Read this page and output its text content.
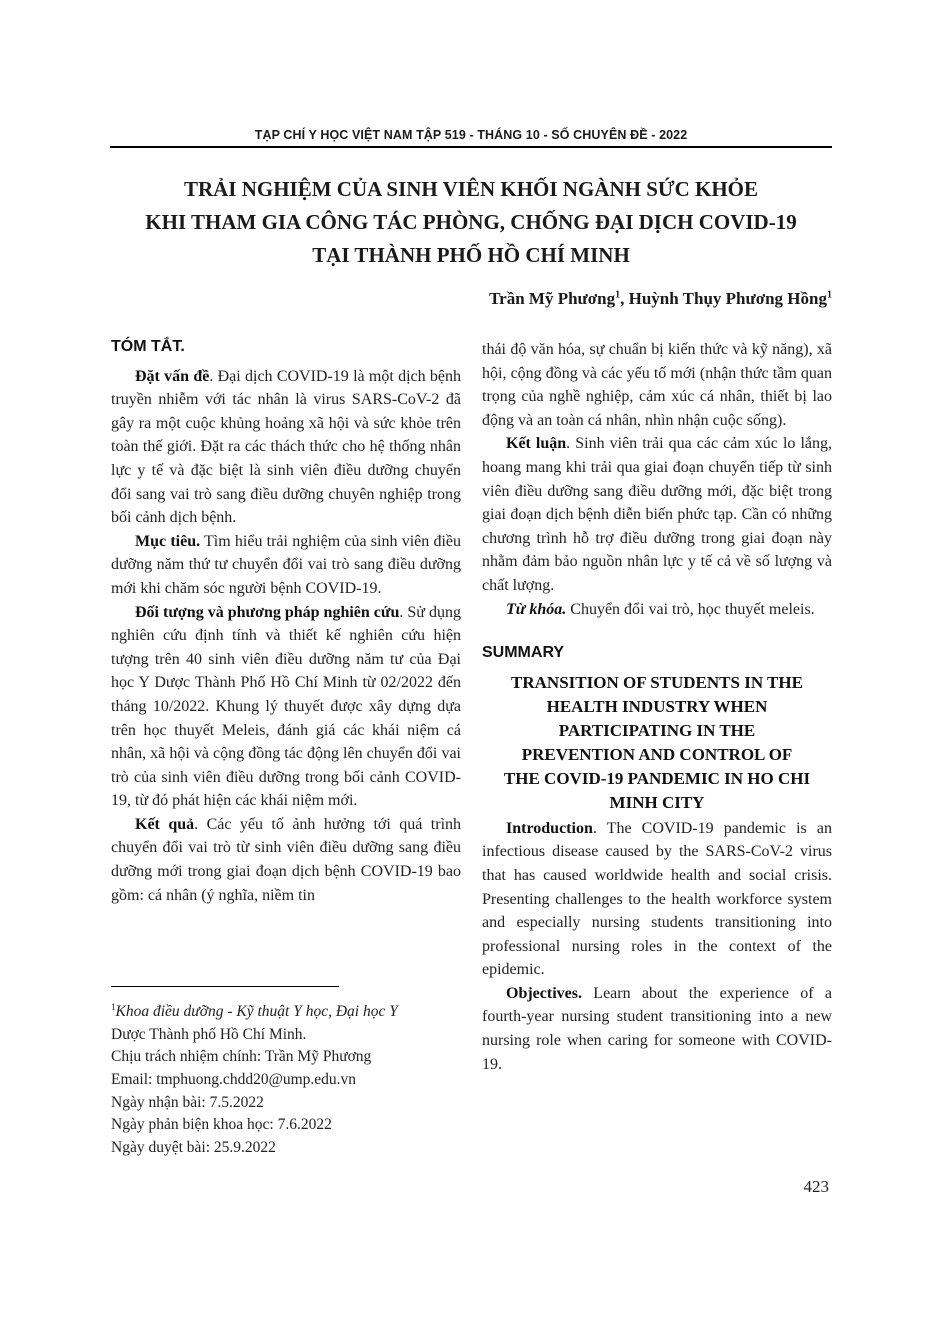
TẠP CHÍ Y HỌC VIỆT NAM TẬP 519 - THÁNG 10 - SỐ CHUYÊN ĐỀ - 2022
TRẢI NGHIỆM CỦA SINH VIÊN KHỐI NGÀNH SỨC KHỎE
KHI THAM GIA CÔNG TÁC PHÒNG, CHỐNG ĐẠI DỊCH COVID-19
TẠI THÀNH PHỐ HỒ CHÍ MINH
Trần Mỹ Phương$^1$, Huỳnh Thụy Phương Hồng$^1$
TÓM TẮT.

Đặt vấn đề. Đại dịch COVID-19 là một dịch bệnh truyền nhiễm với tác nhân là virus SARS-CoV-2 đã gây ra một cuộc khủng hoảng xã hội và sức khỏe trên toàn thế giới. Đặt ra các thách thức cho hệ thống nhân lực y tế và đặc biệt là sinh viên điều dưỡng chuyển đổi sang vai trò sang điều dưỡng chuyên nghiệp trong bối cảnh dịch bệnh.

Mục tiêu. Tìm hiểu trải nghiệm của sinh viên điều dưỡng năm thứ tư chuyển đổi vai trò sang điều dưỡng mới khi chăm sóc người bệnh COVID-19.

Đối tượng và phương pháp nghiên cứu. Sử dụng nghiên cứu định tính và thiết kế nghiên cứu hiện tượng trên 40 sinh viên điều dưỡng năm tư của Đại học Y Dược Thành Phố Hồ Chí Minh từ 02/2022 đến tháng 10/2022. Khung lý thuyết được xây dựng dựa trên học thuyết Meleis, đánh giá các khái niệm cá nhân, xã hội và cộng đồng tác động lên chuyển đổi vai trò của sinh viên điều dưỡng trong bối cảnh COVID-19, từ đó phát hiện các khái niệm mới.

Kết quả. Các yếu tố ảnh hưởng tới quá trình chuyển đổi vai trò từ sinh viên điều dưỡng sang điều dưỡng mới trong giai đoạn dịch bệnh COVID-19 bao gồm: cá nhân (ý nghĩa, niềm tin

$^1$Khoa điều dưỡng - Kỹ thuật Y học, Đại học Y
Dược Thành phố Hồ Chí Minh.
Chịu trách nhiệm chính: Trần Mỹ Phương
Email: tmphuong.chdd20@ump.edu.vn
Ngày nhận bài: 7.5.2022
Ngày phản biện khoa học: 7.6.2022
Ngày duyệt bài: 25.9.2022

thái độ văn hóa, sự chuẩn bị kiến thức và kỹ năng), xã hội, cộng đồng và các yếu tố mới (nhận thức tầm quan trọng của nghề nghiệp, cảm xúc cá nhân, thiết bị lao động và an toàn cá nhân, nhìn nhận cuộc sống).

Kết luận. Sinh viên trải qua các cảm xúc lo lắng, hoang mang khi trải qua giai đoạn chuyển tiếp từ sinh viên điều dưỡng sang điều dưỡng mới, đặc biệt trong giai đoạn dịch bệnh diễn biến phức tạp. Cần có những chương trình hỗ trợ điều dưỡng trong giai đoạn này nhằm đảm bảo nguồn nhân lực y tế cả về số lượng và chất lượng.

Từ khóa. Chuyển đổi vai trò, học thuyết meleis.

SUMMARY
TRANSITION OF STUDENTS IN THE
HEALTH INDUSTRY WHEN
PARTICIPATING IN THE
PREVENTION AND CONTROL OF
THE COVID-19 PANDEMIC IN HO CHI
MINH CITY

Introduction. The COVID-19 pandemic is an infectious disease caused by the SARS-CoV-2 virus that has caused worldwide health and social crisis. Presenting challenges to the health workforce system and especially nursing students transitioning into professional nursing roles in the context of the epidemic.

Objectives. Learn about the experience of a fourth-year nursing student transitioning into a new nursing role when caring for someone with COVID-19.

423
